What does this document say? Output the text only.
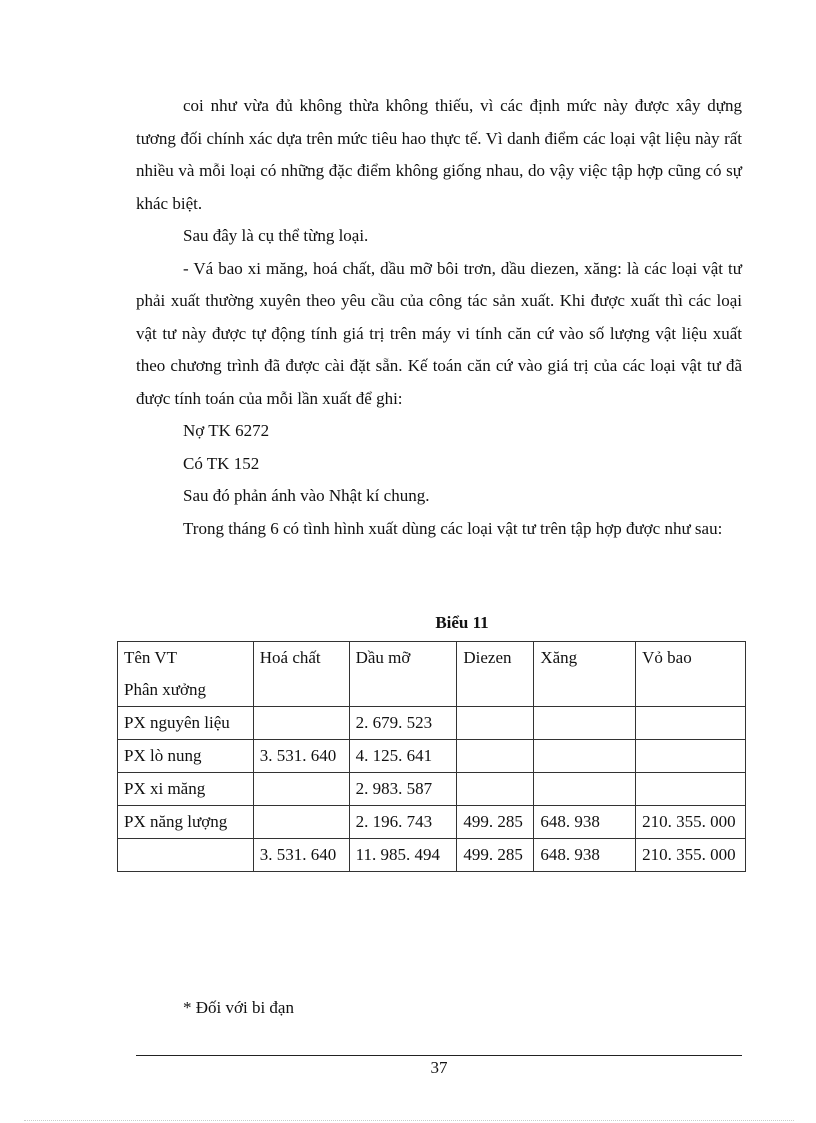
coi như vừa đủ không thừa không thiếu, vì các định mức này được xây dựng tương đối chính xác dựa trên mức tiêu hao thực tế. Vì danh điểm các loại vật liệu này rất nhiều và mỗi loại có những đặc điểm không giống nhau, do vậy việc tập hợp cũng có sự khác biệt.

Sau đây là cụ thể từng loại.

- Vá bao xi măng, hoá chất, dầu mỡ bôi trơn, dầu diezen, xăng: là các loại vật tư phải xuất thường xuyên theo yêu cầu của công tác sản xuất. Khi được xuất thì các loại vật tư này được tự động tính giá trị trên máy vi tính căn cứ vào số lượng vật liệu xuất theo chương trình đã được cài đặt sẵn. Kế toán căn cứ vào giá trị của các loại vật tư đã được tính toán của mỗi lần xuất để ghi:

Nợ TK 6272

Có TK 152

Sau đó phản ánh vào Nhật kí chung.

Trong tháng 6 có tình hình xuất dùng các loại vật tư trên tập hợp được như sau:

Biểu 11
Tên VT
Phân xưởng	Hoá chất	Dầu mỡ	Diezen	Xăng	Vỏ bao
PX nguyên liệu		2. 679. 523			
PX lò nung	3. 531. 640	4. 125. 641			
PX xi măng		2. 983. 587			
PX năng lượng		2. 196. 743	499. 285	648. 938	210. 355. 000
	3. 531. 640	11. 985. 494	499. 285	648. 938	210. 355. 000
* Đối với bi đạn
37
